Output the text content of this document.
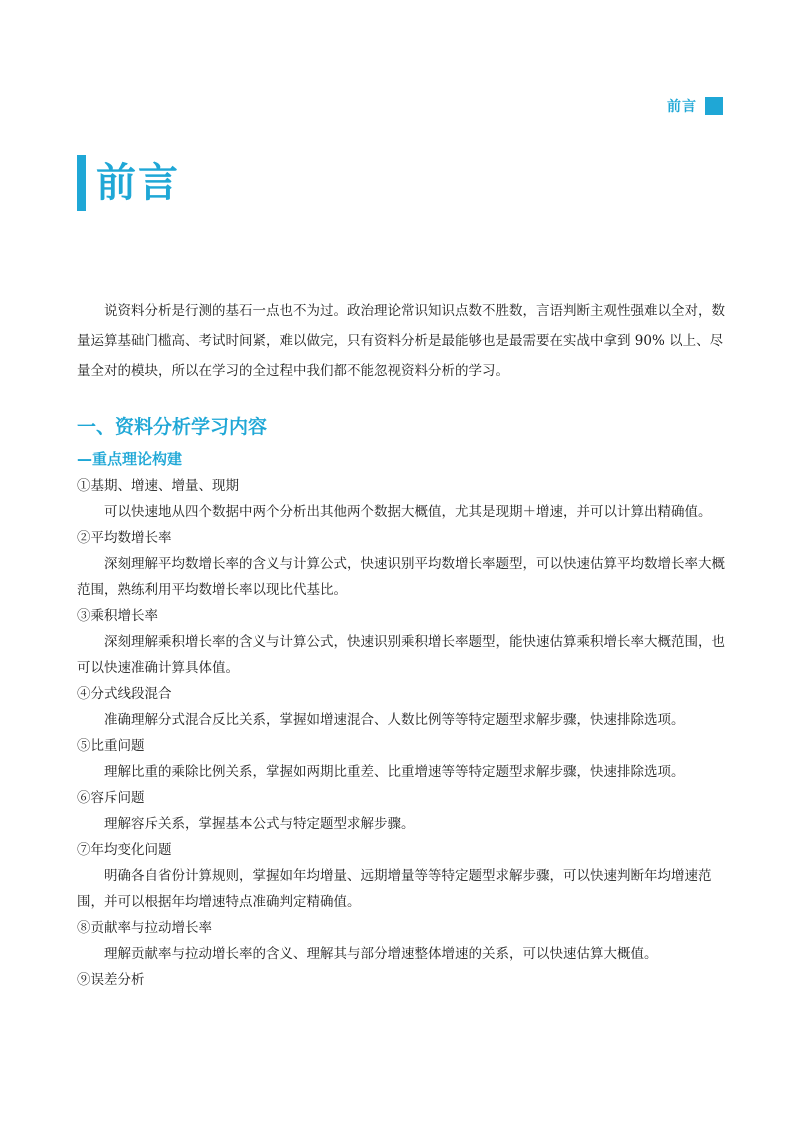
前言
前言

说资料分析是行测的基石一点也不为过。政治理论常识知识点数不胜数，言语判断主观性强难以全对，数量运算基础门槛高、考试时间紧，难以做完，只有资料分析是最能够也是最需要在实战中拿到 90% 以上、尽量全对的模块，所以在学习的全过程中我们都不能忽视资料分析的学习。

一、资料分析学习内容
—重点理论构建
①基期、增速、增量、现期

可以快速地从四个数据中两个分析出其他两个数据大概值，尤其是现期＋增速，并可以计算出精确值。

②平均数增长率

深刻理解平均数增长率的含义与计算公式，快速识别平均数增长率题型，可以快速估算平均数增长率大概范围，熟练利用平均数增长率以现比代基比。

③乘积增长率

深刻理解乘积增长率的含义与计算公式，快速识别乘积增长率题型，能快速估算乘积增长率大概范围，也可以快速准确计算具体值。

④分式线段混合

准确理解分式混合反比关系，掌握如增速混合、人数比例等等特定题型求解步骤，快速排除选项。

⑤比重问题

理解比重的乘除比例关系，掌握如两期比重差、比重增速等等特定题型求解步骤，快速排除选项。

⑥容斥问题

理解容斥关系，掌握基本公式与特定题型求解步骤。

⑦年均变化问题

明确各自省份计算规则，掌握如年均增量、远期增量等等特定题型求解步骤，可以快速判断年均增速范围，并可以根据年均增速特点准确判定精确值。

⑧贡献率与拉动增长率

理解贡献率与拉动增长率的含义、理解其与部分增速整体增速的关系，可以快速估算大概值。

⑨误差分析
